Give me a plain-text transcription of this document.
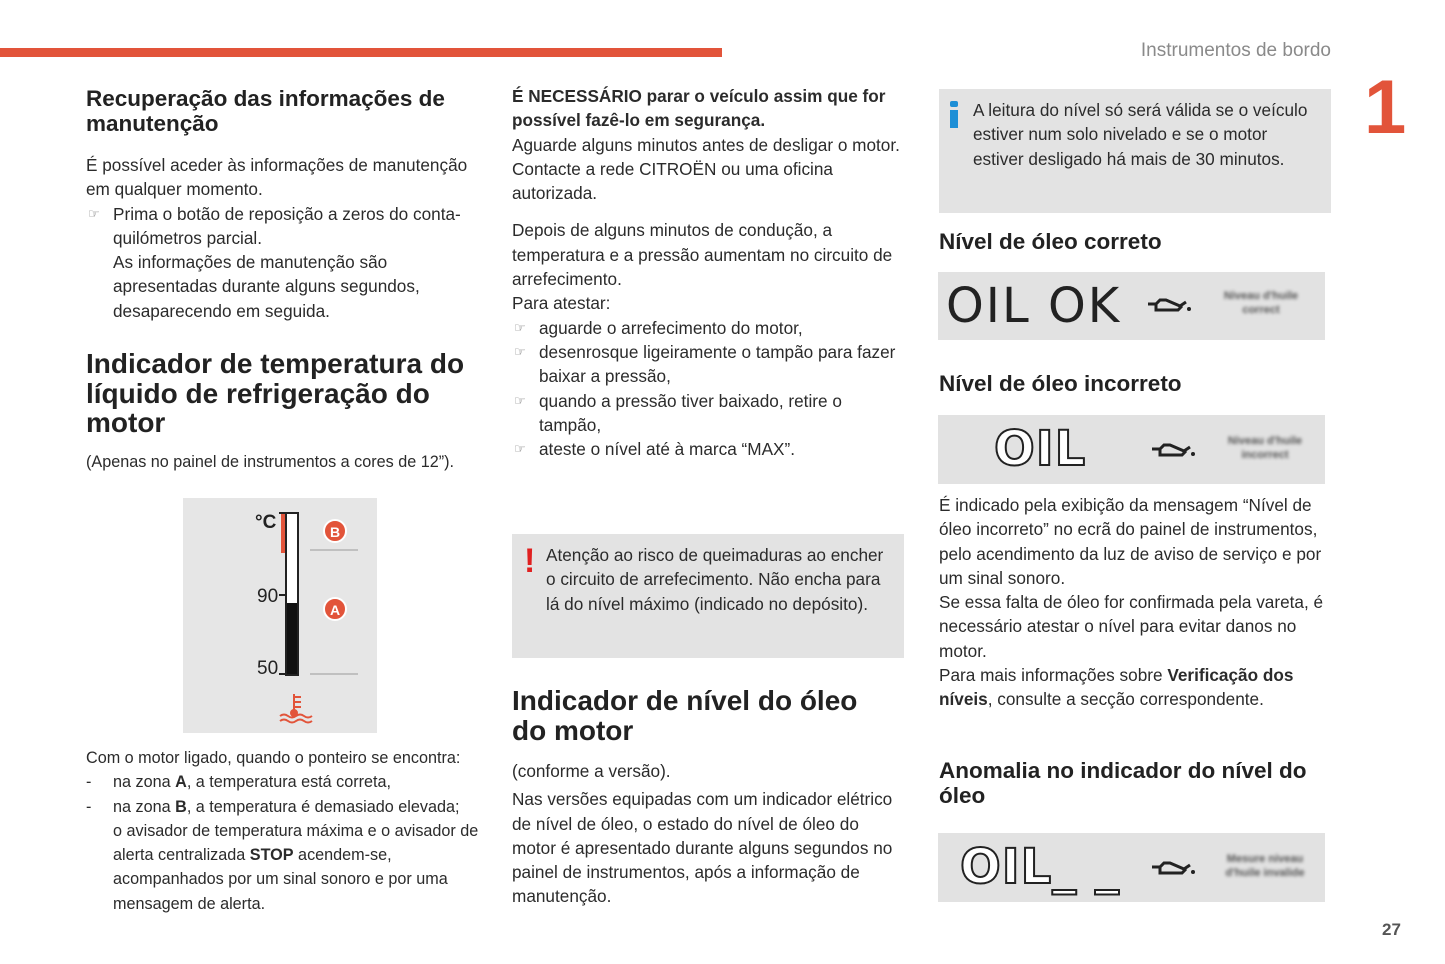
Instrumentos de bordo
1
27
Recuperação das informações de manutenção

É possível aceder às informações de manutenção em qualquer momento.

☞ Prima o botão de reposição a zeros do conta-quilómetros parcial.

As informações de manutenção são apresentadas durante alguns segundos, desaparecendo em seguida.

Indicador de temperatura do líquido de refrigeração do motor

(Apenas no painel de instrumentos a cores de 12”).

°C
90
50
B
A

Com o motor ligado, quando o ponteiro se encontra:

- na zona A, a temperatura está correta,
- na zona B, a temperatura é demasiado elevada;
o avisador de temperatura máxima e o avisador de alerta centralizada STOP acendem-se, acompanhados por um sinal sonoro e por uma mensagem de alerta.

É NECESSÁRIO parar o veículo assim que for possível fazê-lo em segurança.

Aguarde alguns minutos antes de desligar o motor.

Contacte a rede CITROËN ou uma oficina autorizada.

Depois de alguns minutos de condução, a temperatura e a pressão aumentam no circuito de arrefecimento.

Para atestar:

☞ aguarde o arrefecimento do motor,
☞ desenrosque ligeiramente o tampão para fazer baixar a pressão,
☞ quando a pressão tiver baixado, retire o tampão,
☞ ateste o nível até à marca “MAX”.
! Atenção ao risco de queimaduras ao encher o circuito de arrefecimento. Não encha para lá do nível máximo (indicado no depósito).
Indicador de nível do óleo do motor

(conforme a versão).

Nas versões equipadas com um indicador elétrico de nível de óleo, o estado do nível de óleo do motor é apresentado durante alguns segundos no painel de instrumentos, após a informação de manutenção.

A leitura do nível só será válida se o veículo estiver num solo nivelado e se o motor estiver desligado há mais de 30 minutos.
Nível de óleo correto
OIL OK	Niveau d'huile correct
Nível de óleo incorreto
OIL	Niveau d'huile incorrect

É indicado pela exibição da mensagem “Nível de óleo incorreto” no ecrã do painel de instrumentos, pelo acendimento da luz de aviso de serviço e por um sinal sonoro.

Se essa falta de óleo for confirmada pela vareta, é necessário atestar o nível para evitar danos no motor.

Para mais informações sobre Verificação dos níveis, consulte a secção correspondente.

Anomalia no indicador do nível do óleo
OIL_ _	Mesure niveau d'huile invalide
